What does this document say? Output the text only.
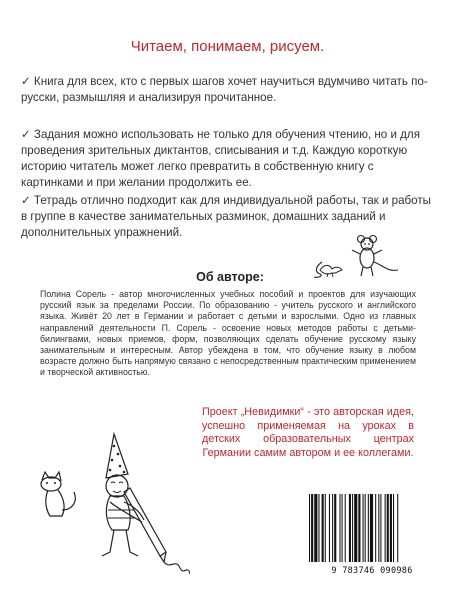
Читаем, понимаем, рисуем.
✓ Книга для всех, кто с первых шагов хочет научиться вдумчиво читать по-русски, размышляя и анализируя прочитанное.
✓ Задания можно использовать не только для обучения чтению, но и для проведения зрительных диктантов, списывания и т.д. Каждую короткую историю читатель может легко превратить в собственную книгу с картинками и при желании продолжить ее.
✓ Тетрадь отлично подходит как для индивидуальной работы, так и работы в группе в качестве занимательных разминок, домашних заданий и дополнительных упражнений.
Об авторе:
Полина Сорель - автор многочисленных учебных пособий и проектов для изучающих русский язык за пределами России. По образованию - учитель русского и английского языка. Живёт 20 лет в Германии и работает с детьми и взрослыми. Одно из главных направлений деятельности П. Сорель - освоение новых методов работы с детьми-билингвами, новых приемов, форм, позволяющих сделать обучение русскому языку занимательным и интересным. Автор убеждена в том, что обучение языку в любом возрасте должно быть напрямую связано с непосредственным практическим применением и творческой активностью.
Проект „Невидимки“ - это авторская идея, успешно применяемая на уроках в детских образовательных центрах Германии самим автором и ее коллегами.
9 783746 090986
